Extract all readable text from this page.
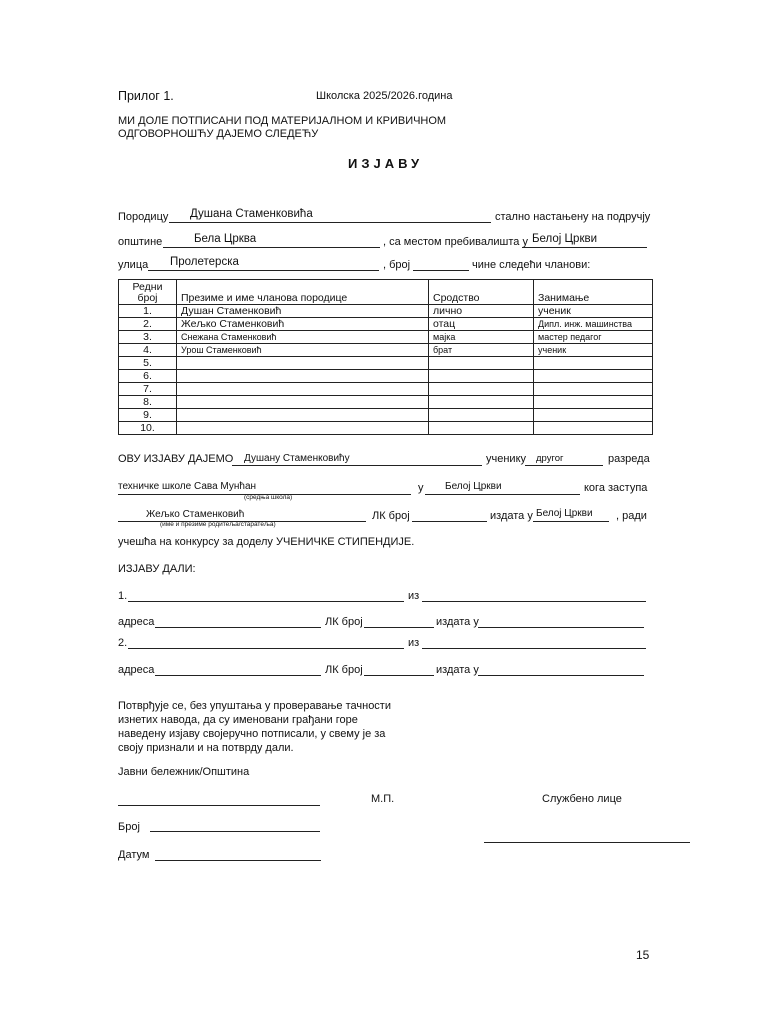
Прилог 1.	Школска 2025/2026.година
МИ ДОЛЕ ПОТПИСАНИ ПОД МАТЕРИЈАЛНОМ И КРИВИЧНОМ
ОДГОВОРНОШЋУ ДАЈЕМО СЛЕДЕЋУ
ИЗЈАВУ
Породицу Душана Стаменковића	стално настањену на подручју
општине	Бела Црква	, са местом пребивалишта у Белој Цркви
улица Пролетерска	, број	чине следећи чланови:
Редни
број	Презиме и име чланова породице	Сродство	Занимање
1.	Душан Стаменковић	лично	ученик
2.	Жељко Стаменковић	отац	Дипл. инж. машинства
3.	Снежана Стаменковић	мајка	мастер педагог
4.	Урош Стаменковић	брат	ученик
5.			
6.			
7.			
8.			
9.			
10.			
ОВУ ИЗЈАВУ ДАЈЕМО Душану Стаменковићу	ученику другог	разреда
техничке школе Сава Мунћан
(средња школа)
у Белој Цркви	кога заступа
Жељко Стаменковић
(име и презиме родитеља/старатеља)
ЛК број	издата у Белој Цркви , ради
учешћа на конкурсу за доделу УЧЕНИЧКЕ СТИПЕНДИЈЕ.
ИЗЈАВУ ДАЛИ:
1.	из
адреса	ЛК број	издата у
2.	из
адреса	ЛК број	издата у
Потврђује се, без упуштања у проверавање тачности
изнетих навода, да су именовани грађани горе
наведену изјаву својеручно потписали, у свему је за
своју признали и на потврду дали.
Јавни бележник/Општина
М.П.	Службено лице
Број
Датум
15
